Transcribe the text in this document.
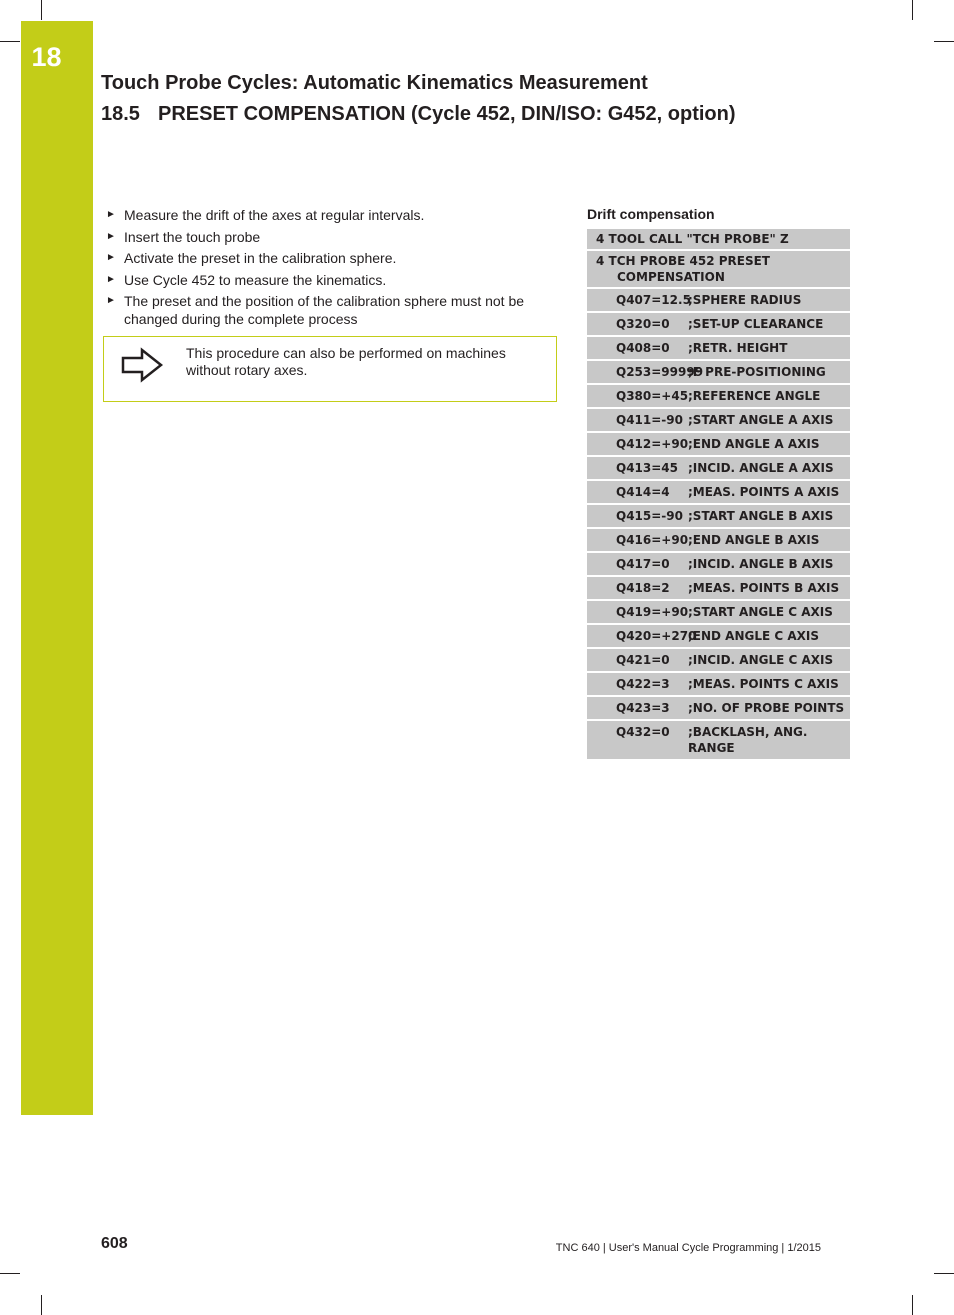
18
Touch Probe Cycles: Automatic Kinematics Measurement
18.5 PRESET COMPENSATION (Cycle 452, DIN/ISO: G452, option)
► Measure the drift of the axes at regular intervals.
► Insert the touch probe
► Activate the preset in the calibration sphere.
► Use Cycle 452 to measure the kinematics.
► The preset and the position of the calibration sphere must not be changed during the complete process
This procedure can also be performed on machines without rotary axes.
Drift compensation
4 TOOL CALL "TCH PROBE" Z
4 TCH PROBE 452 PRESET
COMPENSATION
Q407=12.5
;SPHERE RADIUS
Q320=0 ;SET-UP CLEARANCE
Q408=0 ;RETR. HEIGHT
Q253=99999
;F PRE-POSITIONING
Q380=+45 ;REFERENCE ANGLE
Q411=-90 ;START ANGLE A AXIS
Q412=+90 ;END ANGLE A AXIS
Q413=45 ;INCID. ANGLE A AXIS
Q414=4 ;MEAS. POINTS A AXIS
Q415=-90 ;START ANGLE B AXIS
Q416=+90 ;END ANGLE B AXIS
Q417=0 ;INCID. ANGLE B AXIS
Q418=2 ;MEAS. POINTS B AXIS
Q419=+90 ;START ANGLE C AXIS
Q420=+270
;END ANGLE C AXIS
Q421=0 ;INCID. ANGLE C AXIS
Q422=3 ;MEAS. POINTS C AXIS
Q423=3 ;NO. OF PROBE POINTS
Q432=0 ;BACKLASH, ANG. RANGE
608	TNC 640 | User's Manual Cycle Programming | 1/2015
